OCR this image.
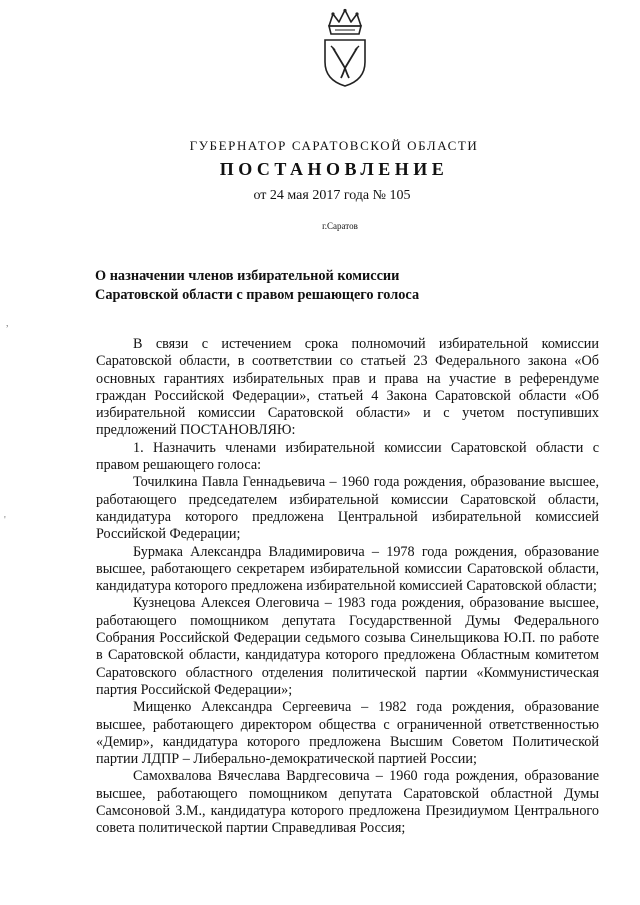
ГУБЕРНАТОР САРАТОВСКОЙ ОБЛАСТИ
ПОСТАНОВЛЕНИЕ
от 24 мая 2017 года № 105
г.Саратов
О назначении членов избирательной комиссии
Саратовской области с правом решающего голоса

В связи с истечением срока полномочий избирательной комиссии Саратовской области, в соответствии со статьей 23 Федерального закона «Об основных гарантиях избирательных прав и права на участие в референдуме граждан Российской Федерации», статьей 4 Закона Саратовской области «Об избирательной комиссии Саратовской области» и с учетом поступивших предложений ПОСТАНОВЛЯЮ:

1. Назначить членами избирательной комиссии Саратовской области с правом решающего голоса:

Точилкина Павла Геннадьевича – 1960 года рождения, образование высшее, работающего председателем избирательной комиссии Саратовской области, кандидатура которого предложена Центральной избирательной комиссией Российской Федерации;

Бурмака Александра Владимировича – 1978 года рождения, образование высшее, работающего секретарем избирательной комиссии Саратовской области, кандидатура которого предложена избирательной комиссией Саратовской области;

Кузнецова Алексея Олеговича – 1983 года рождения, образование высшее, работающего помощником депутата Государственной Думы Федерального Собрания Российской Федерации седьмого созыва Синельщикова Ю.П. по работе в Саратовской области, кандидатура которого предложена Областным комитетом Саратовского областного отделения политической партии «Коммунистическая партия Российской Федерации»;

Мищенко Александра Сергеевича – 1982 года рождения, образование высшее, работающего директором общества с ограниченной ответственностью «Демир», кандидатура которого предложена Высшим Советом Политической партии ЛДПР – Либерально-демократической партией России;

Самохвалова Вячеслава Вардгесовича – 1960 года рождения, образование высшее, работающего помощником депутата Саратовской областной Думы Самсоновой З.М., кандидатура которого предложена Президиумом Центрального совета политической партии Справедливая Россия;

,
'
